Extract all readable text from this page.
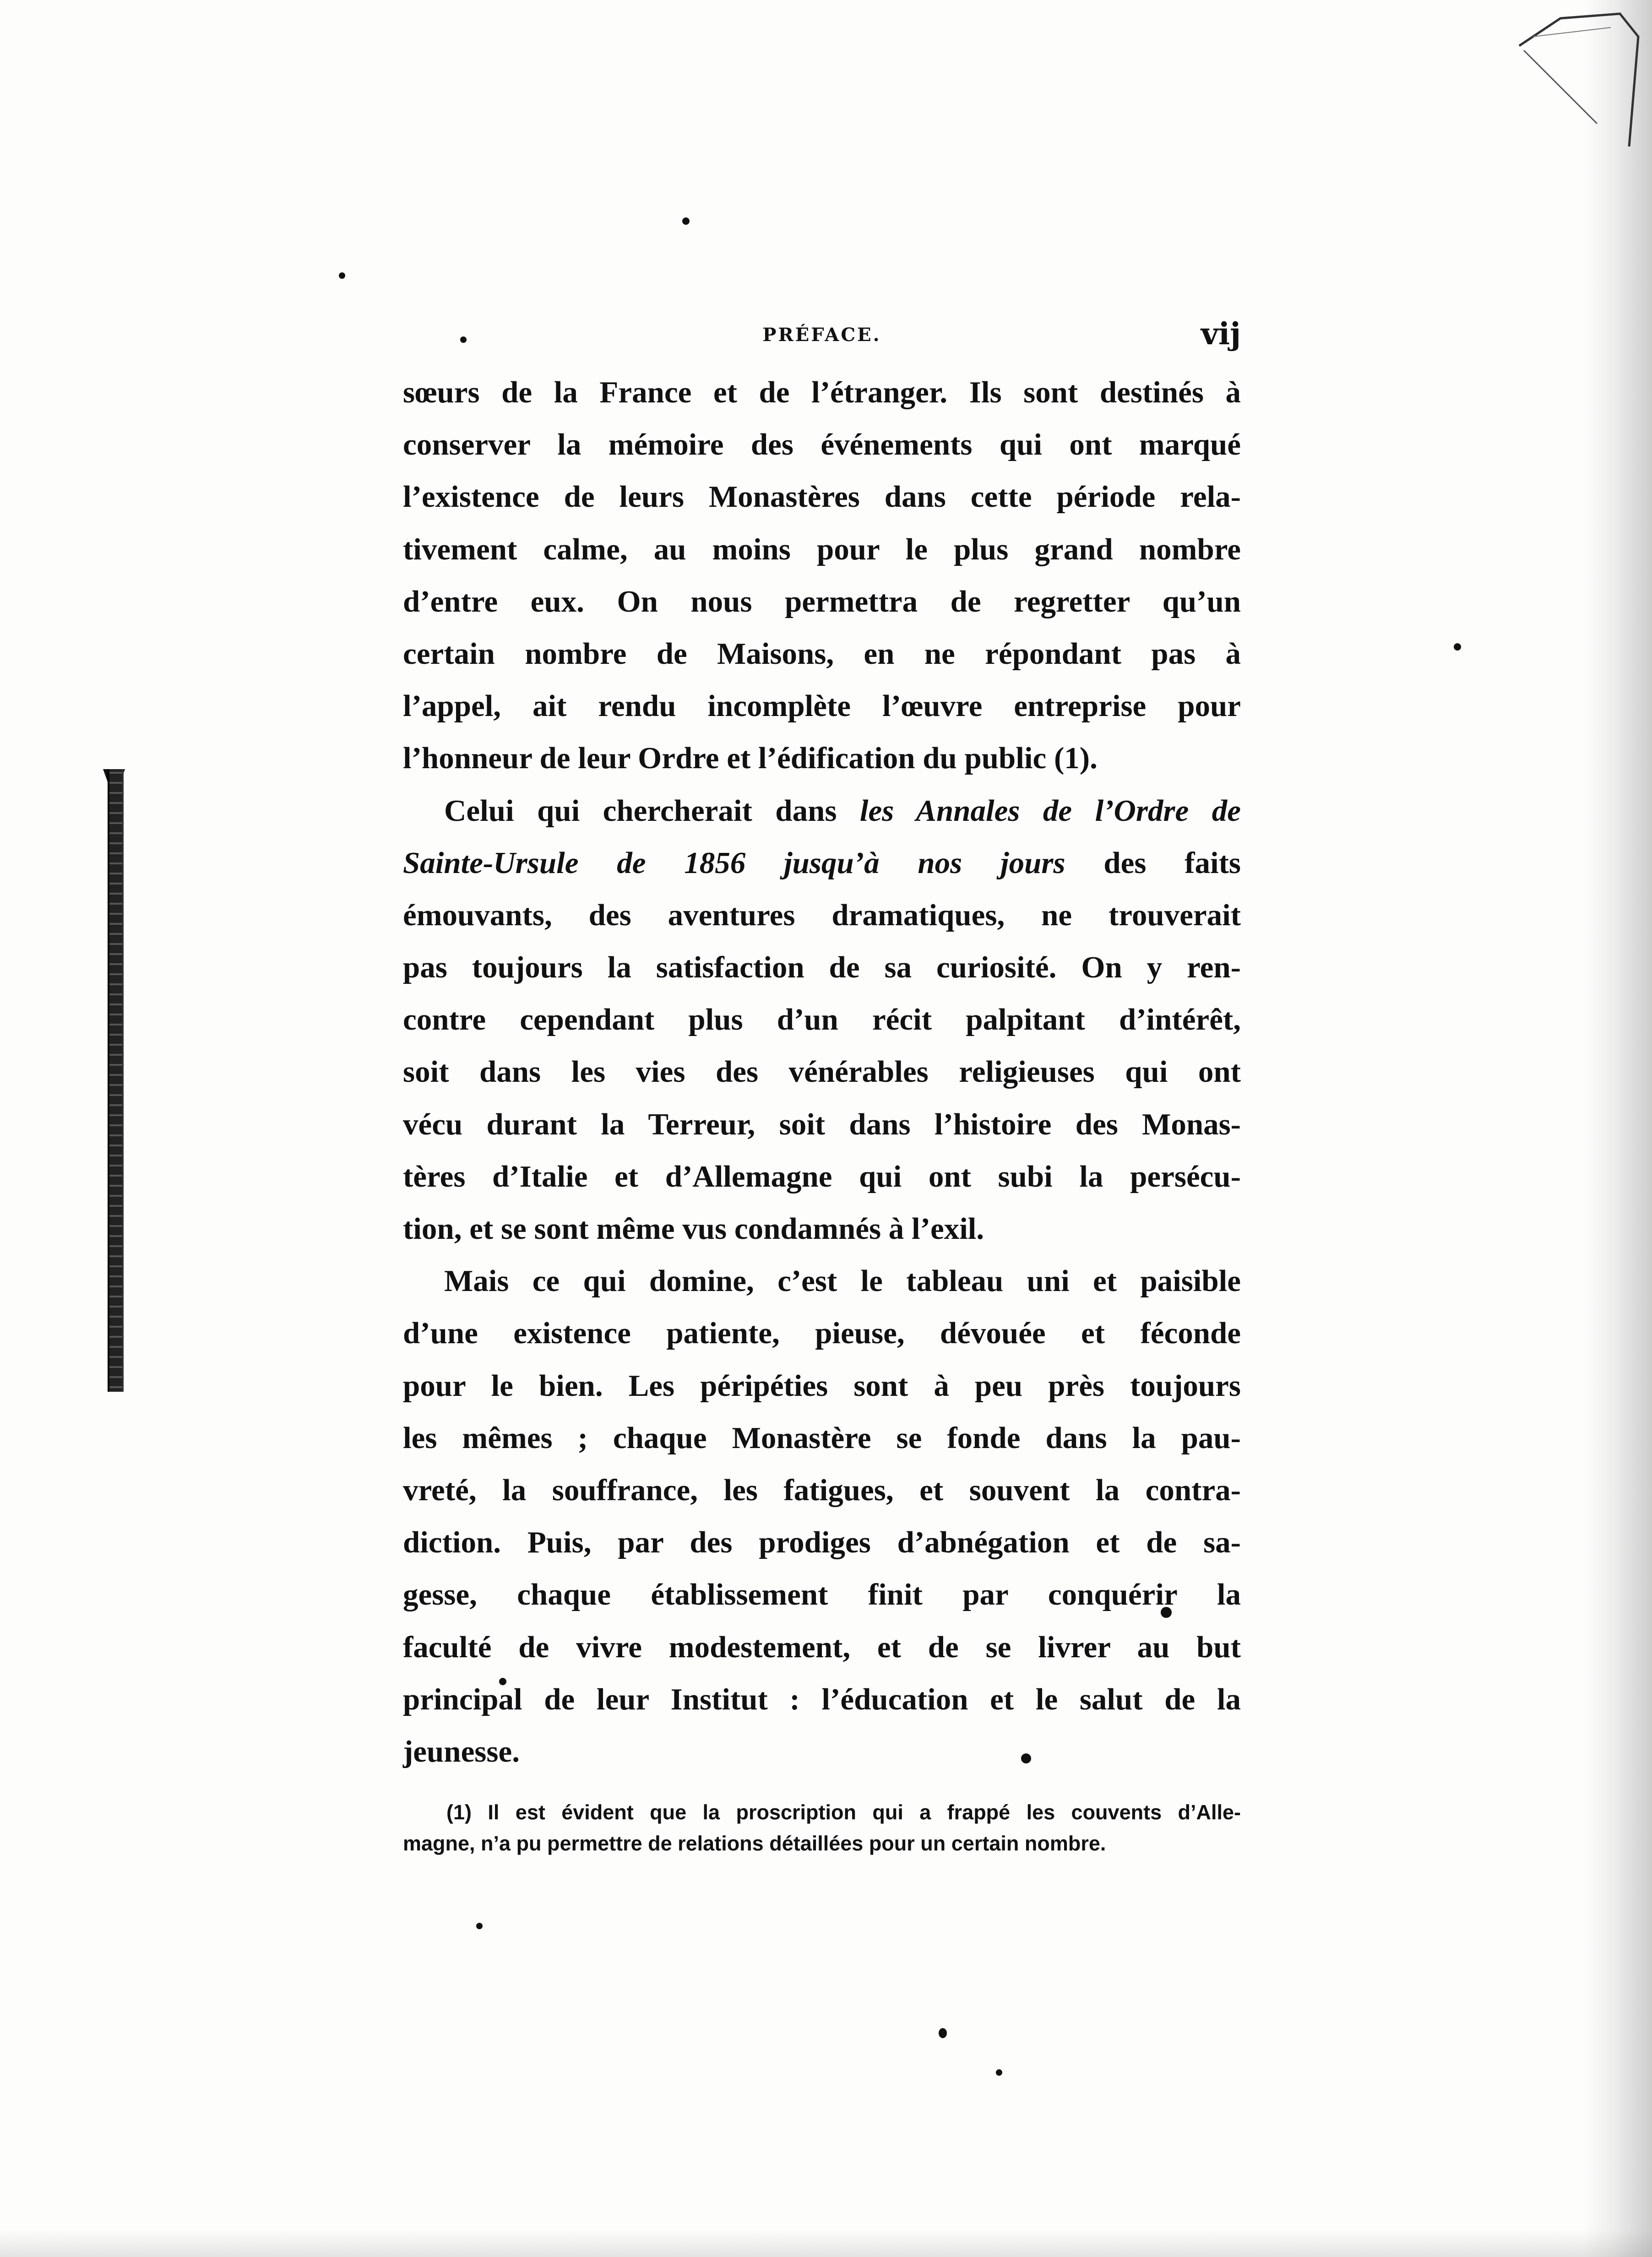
PRÉFACE.	vij
sœurs de la France et de l’étranger. Ils sont destinés à
conserver la mémoire des événements qui ont marqué
l’existence de leurs Monastères dans cette période rela-
tivement calme, au moins pour le plus grand nombre
d’entre eux. On nous permettra de regretter qu’un
certain nombre de Maisons, en ne répondant pas à
l’appel, ait rendu incomplète l’œuvre entreprise pour
l’honneur de leur Ordre et l’édification du public (1).
Celui qui chercherait dans les Annales de l’Ordre de
Sainte-Ursule de 1856 jusqu’à nos jours des faits
émouvants, des aventures dramatiques, ne trouverait
pas toujours la satisfaction de sa curiosité. On y ren-
contre cependant plus d’un récit palpitant d’intérêt,
soit dans les vies des vénérables religieuses qui ont
vécu durant la Terreur, soit dans l’histoire des Monas-
tères d’Italie et d’Allemagne qui ont subi la persécu-
tion, et se sont même vus condamnés à l’exil.
Mais ce qui domine, c’est le tableau uni et paisible
d’une existence patiente, pieuse, dévouée et féconde
pour le bien. Les péripéties sont à peu près toujours
les mêmes ; chaque Monastère se fonde dans la pau-
vreté, la souffrance, les fatigues, et souvent la contra-
diction. Puis, par des prodiges d’abnégation et de sa-
gesse, chaque établissement finit par conquérir la
faculté de vivre modestement, et de se livrer au but
principal de leur Institut : l’éducation et le salut de la
jeunesse.
(1) Il est évident que la proscription qui a frappé les couvents d’Alle-
magne, n’a pu permettre de relations détaillées pour un certain nombre.
